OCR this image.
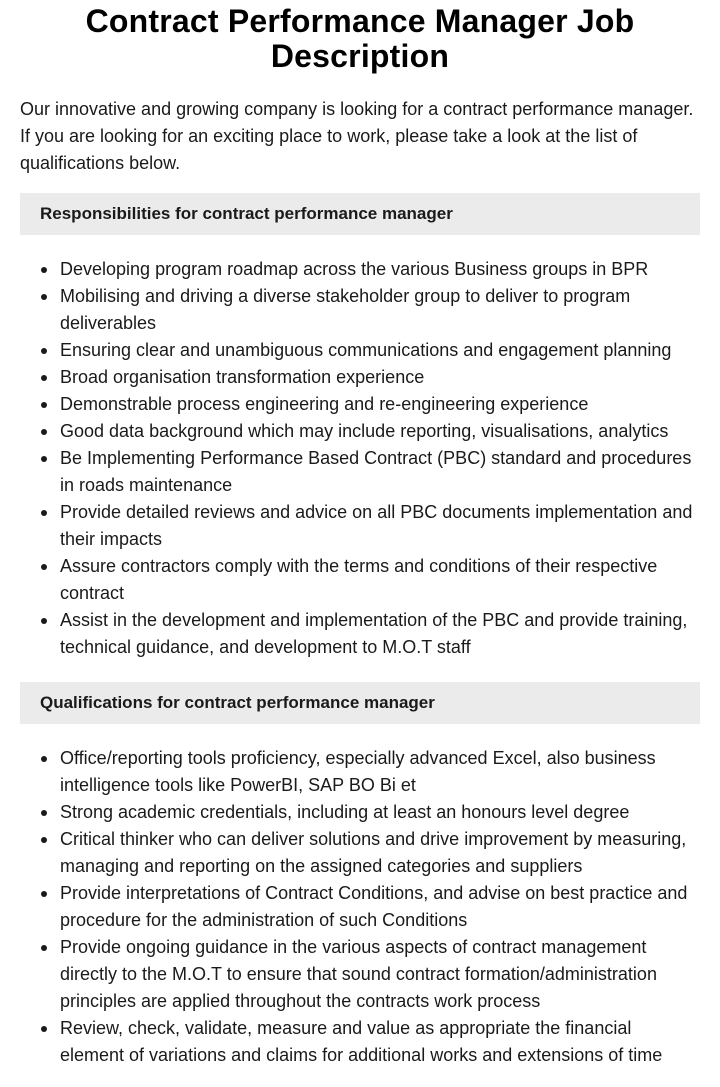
Contract Performance Manager Job Description

Our innovative and growing company is looking for a contract performance manager. If you are looking for an exciting place to work, please take a look at the list of qualifications below.

Responsibilities for contract performance manager
Developing program roadmap across the various Business groups in BPR
Mobilising and driving a diverse stakeholder group to deliver to program deliverables
Ensuring clear and unambiguous communications and engagement planning
Broad organisation transformation experience
Demonstrable process engineering and re-engineering experience
Good data background which may include reporting, visualisations, analytics
Be Implementing Performance Based Contract (PBC) standard and procedures in roads maintenance
Provide detailed reviews and advice on all PBC documents implementation and their impacts
Assure contractors comply with the terms and conditions of their respective contract
Assist in the development and implementation of the PBC and provide training, technical guidance, and development to M.O.T staff
Qualifications for contract performance manager
Office/reporting tools proficiency, especially advanced Excel, also business intelligence tools like PowerBI, SAP BO Bi et
Strong academic credentials, including at least an honours level degree
Critical thinker who can deliver solutions and drive improvement by measuring, managing and reporting on the assigned categories and suppliers
Provide interpretations of Contract Conditions, and advise on best practice and procedure for the administration of such Conditions
Provide ongoing guidance in the various aspects of contract management directly to the M.O.T to ensure that sound contract formation/administration principles are applied throughout the contracts work process
Review, check, validate, measure and value as appropriate the financial element of variations and claims for additional works and extensions of time
